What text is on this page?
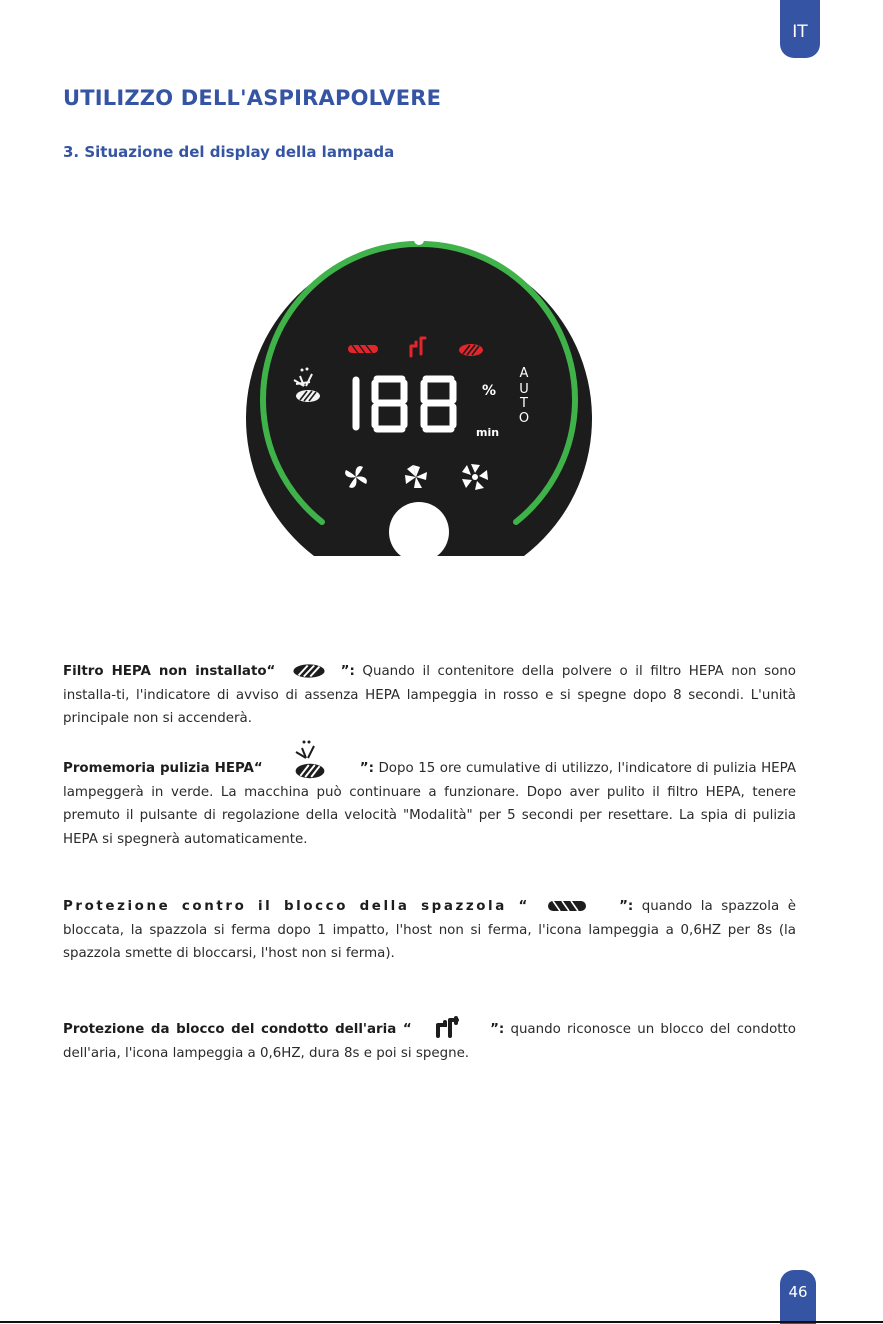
IT
UTILIZZO DELL'ASPIRAPOLVERE
3. Situazione del display della lampada
%
min
A
U
T
O
Filtro HEPA non installato“	”: Quando il contenitore della polvere o il filtro HEPA non sono installa-ti, l'indicatore di avviso di assenza HEPA lampeggia in rosso e si spegne dopo 8 secondi. L'unità principale non si accenderà.
Promemoria pulizia HEPA“	”: Dopo 15 ore cumulative di utilizzo, l'indicatore di pulizia HEPA lampeggerà in verde. La macchina può continuare a funzionare. Dopo aver pulito il filtro HEPA, tenere premuto il pulsante di regolazione della velocità "Modalità" per 5 secondi per resettare. La spia di pulizia HEPA si spegnerà automaticamente.
Protezione contro il blocco della spazzola “	”: quando la spazzola è bloccata, la spazzola si ferma dopo 1 impatto, l'host non si ferma, l'icona lampeggia a 0,6HZ per 8s (la spazzola smette di bloccarsi, l'host non si ferma).
Protezione da blocco del condotto dell'aria “	”: quando riconosce un blocco del condotto dell'aria, l'icona lampeggia a 0,6HZ, dura 8s e poi si spegne.
46
